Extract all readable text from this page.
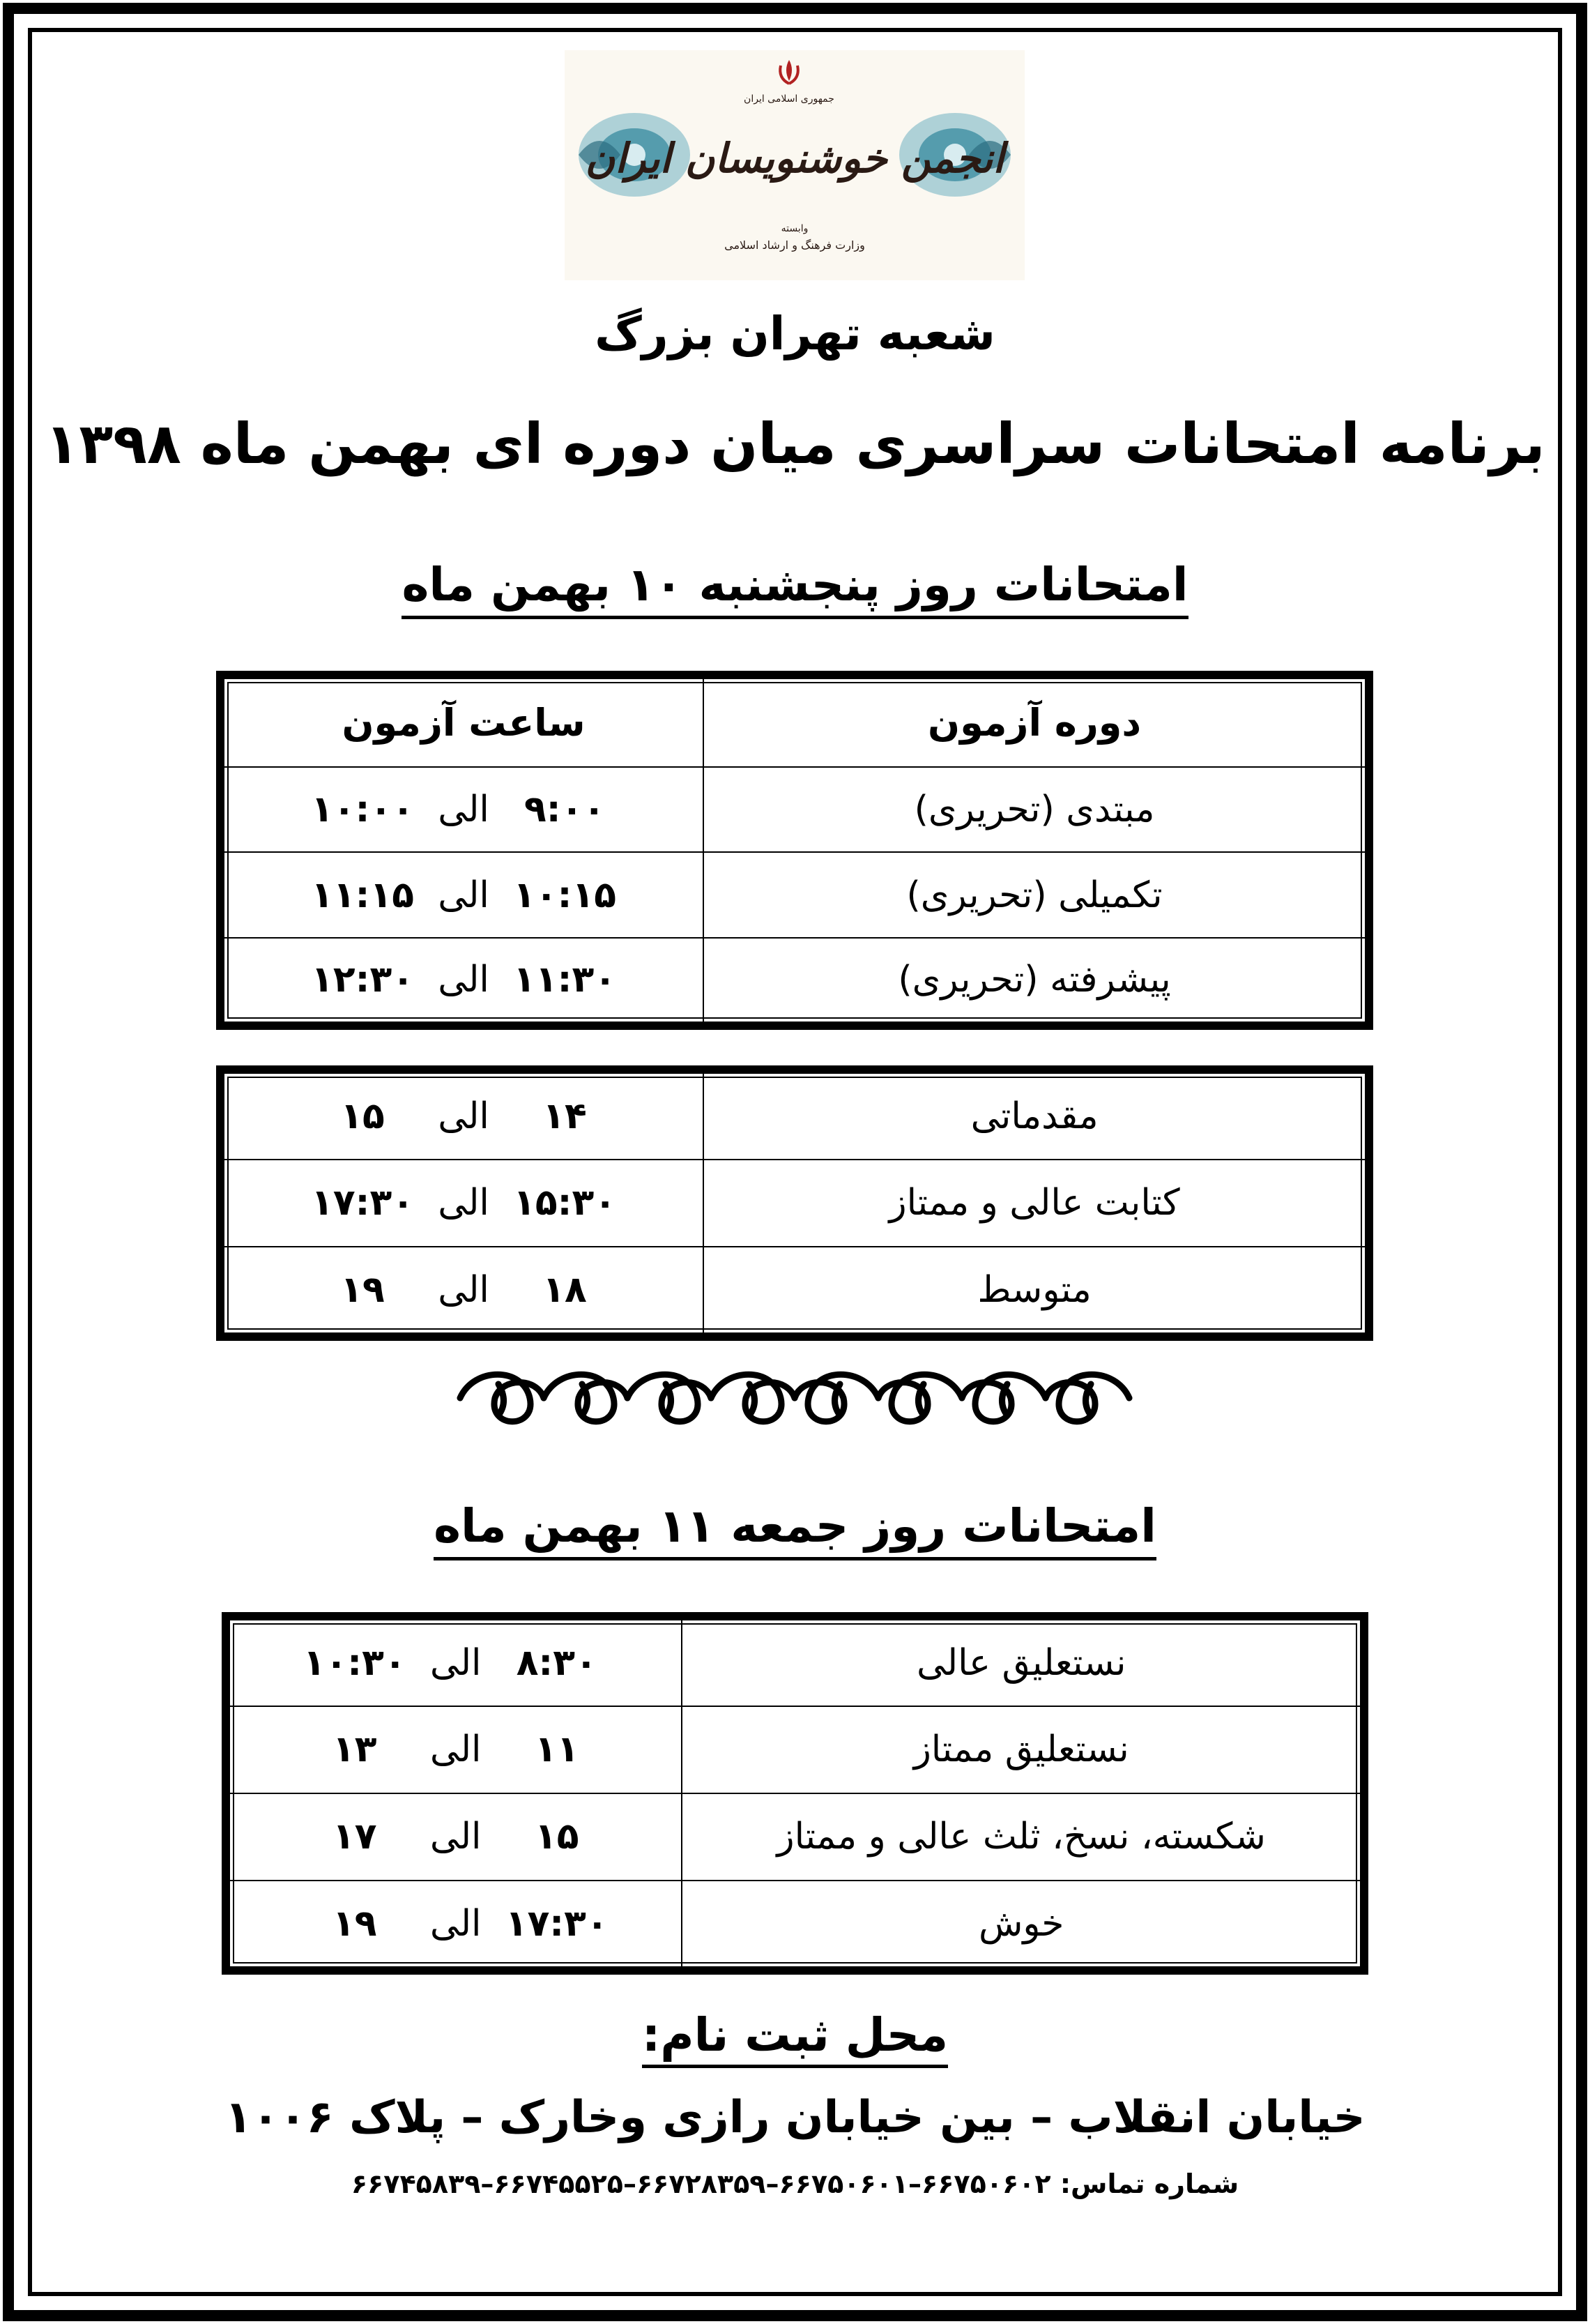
جمهوری اسلامی ایران
انجمن خوشنویسان ایران
وابسته
وزارت فرهنگ و ارشاد اسلامی
شعبه تهران بزرگ
برنامه امتحانات سراسری میان دوره ای بهمن ماه ۱۳۹۸
امتحانات روز پنجشنبه ۱۰ بهمن ماه
دوره آزمون	ساعت آزمون
مبتدی (تحریری)	۹:۰۰الی۱۰:۰۰
تکمیلی (تحریری)	۱۰:۱۵الی۱۱:۱۵
پیشرفته (تحریری)	۱۱:۳۰الی۱۲:۳۰
مقدماتی	۱۴الی۱۵
کتابت عالی و ممتاز	۱۵:۳۰الی۱۷:۳۰
متوسط	۱۸الی۱۹
امتحانات روز جمعه ۱۱ بهمن ماه
نستعلیق عالی	۸:۳۰الی۱۰:۳۰
نستعلیق ممتاز	۱۱الی۱۳
شکسته، نسخ، ثلث عالی و ممتاز	۱۵الی۱۷
خوش	۱۷:۳۰الی۱۹
محل ثبت نام:
خیابان انقلاب – بین خیابان رازی وخارک – پلاک ۱۰۰۶
شماره تماس: ۶۶۷۵۰۶۰۲–۶۶۷۵۰۶۰۱–۶۶۷۲۸۳۵۹–۶۶۷۴۵۵۲۵–۶۶۷۴۵۸۳۹
